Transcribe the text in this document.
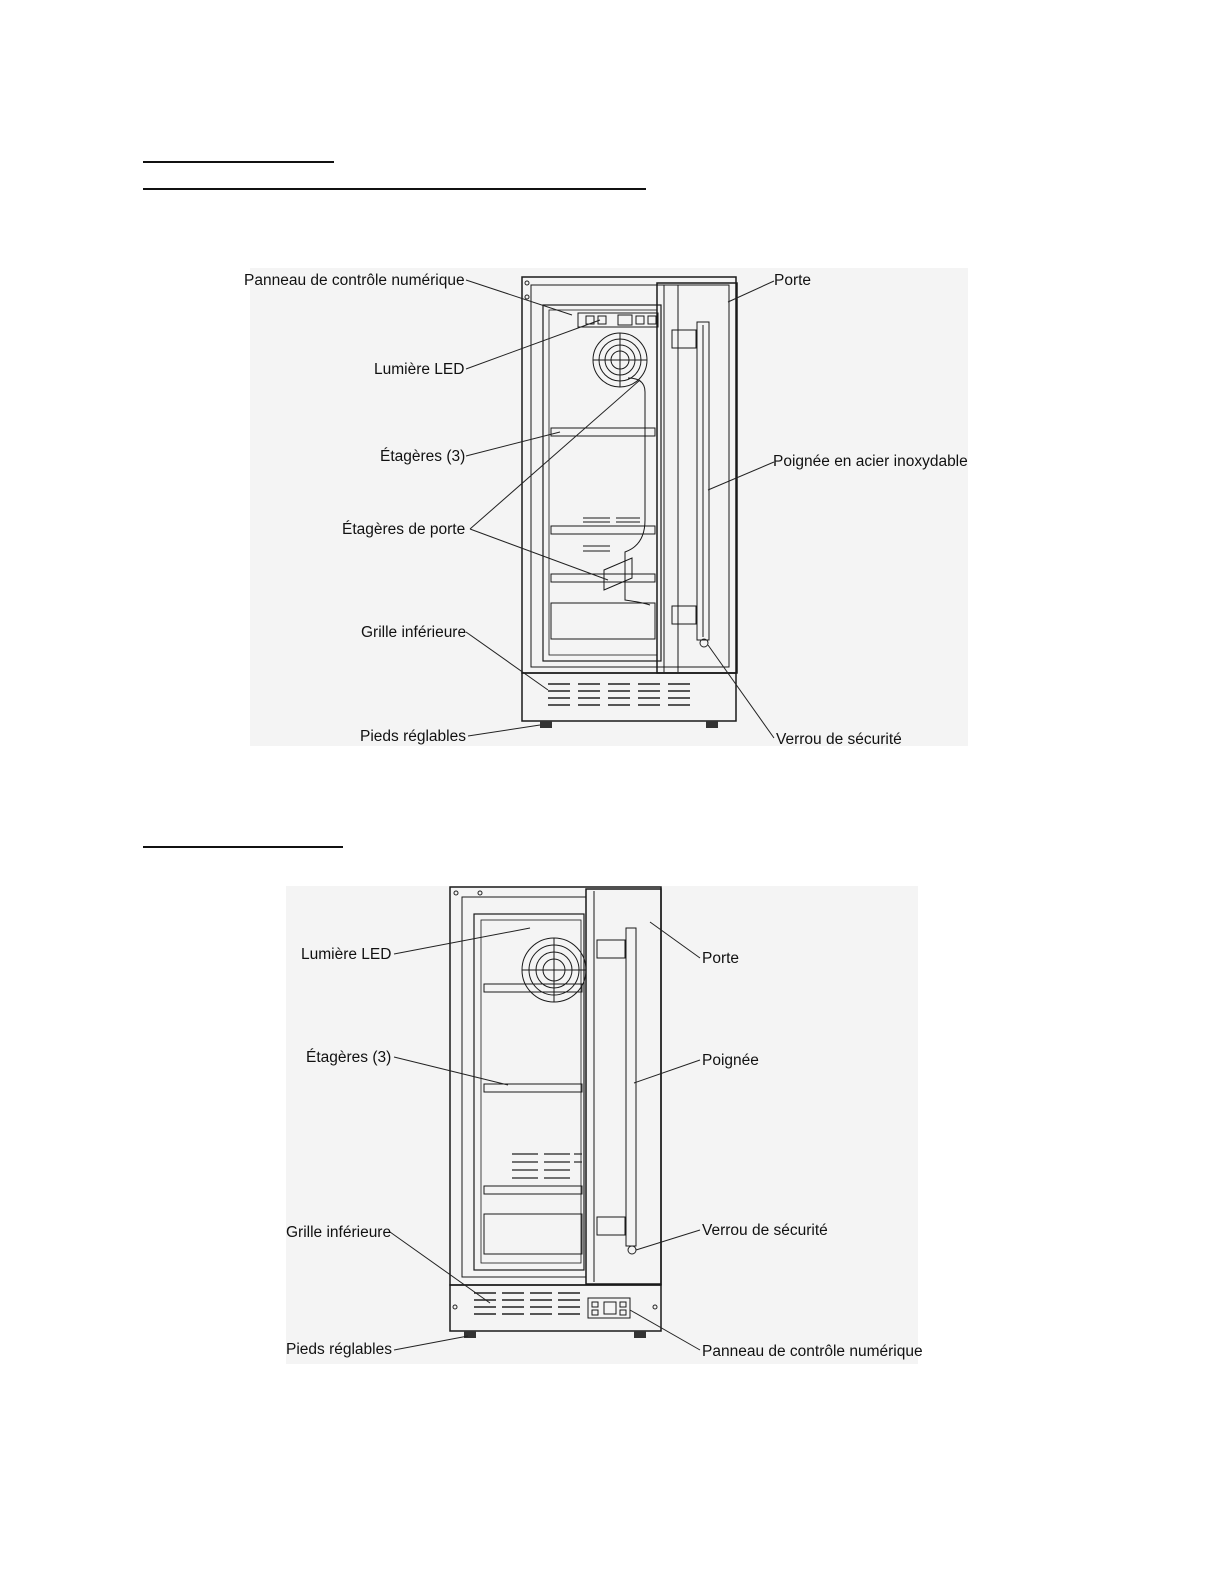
Panneau de contrôle numérique
Lumière LED
Étagères (3)
Étagères de porte
Grille inférieure
Pieds réglables
Porte
Poignée en acier inoxydable
Verrou de sécurité
Lumière LED
Étagères (3)
Grille inférieure
Pieds réglables
Porte
Poignée
Verrou de sécurité
Panneau de contrôle numérique
